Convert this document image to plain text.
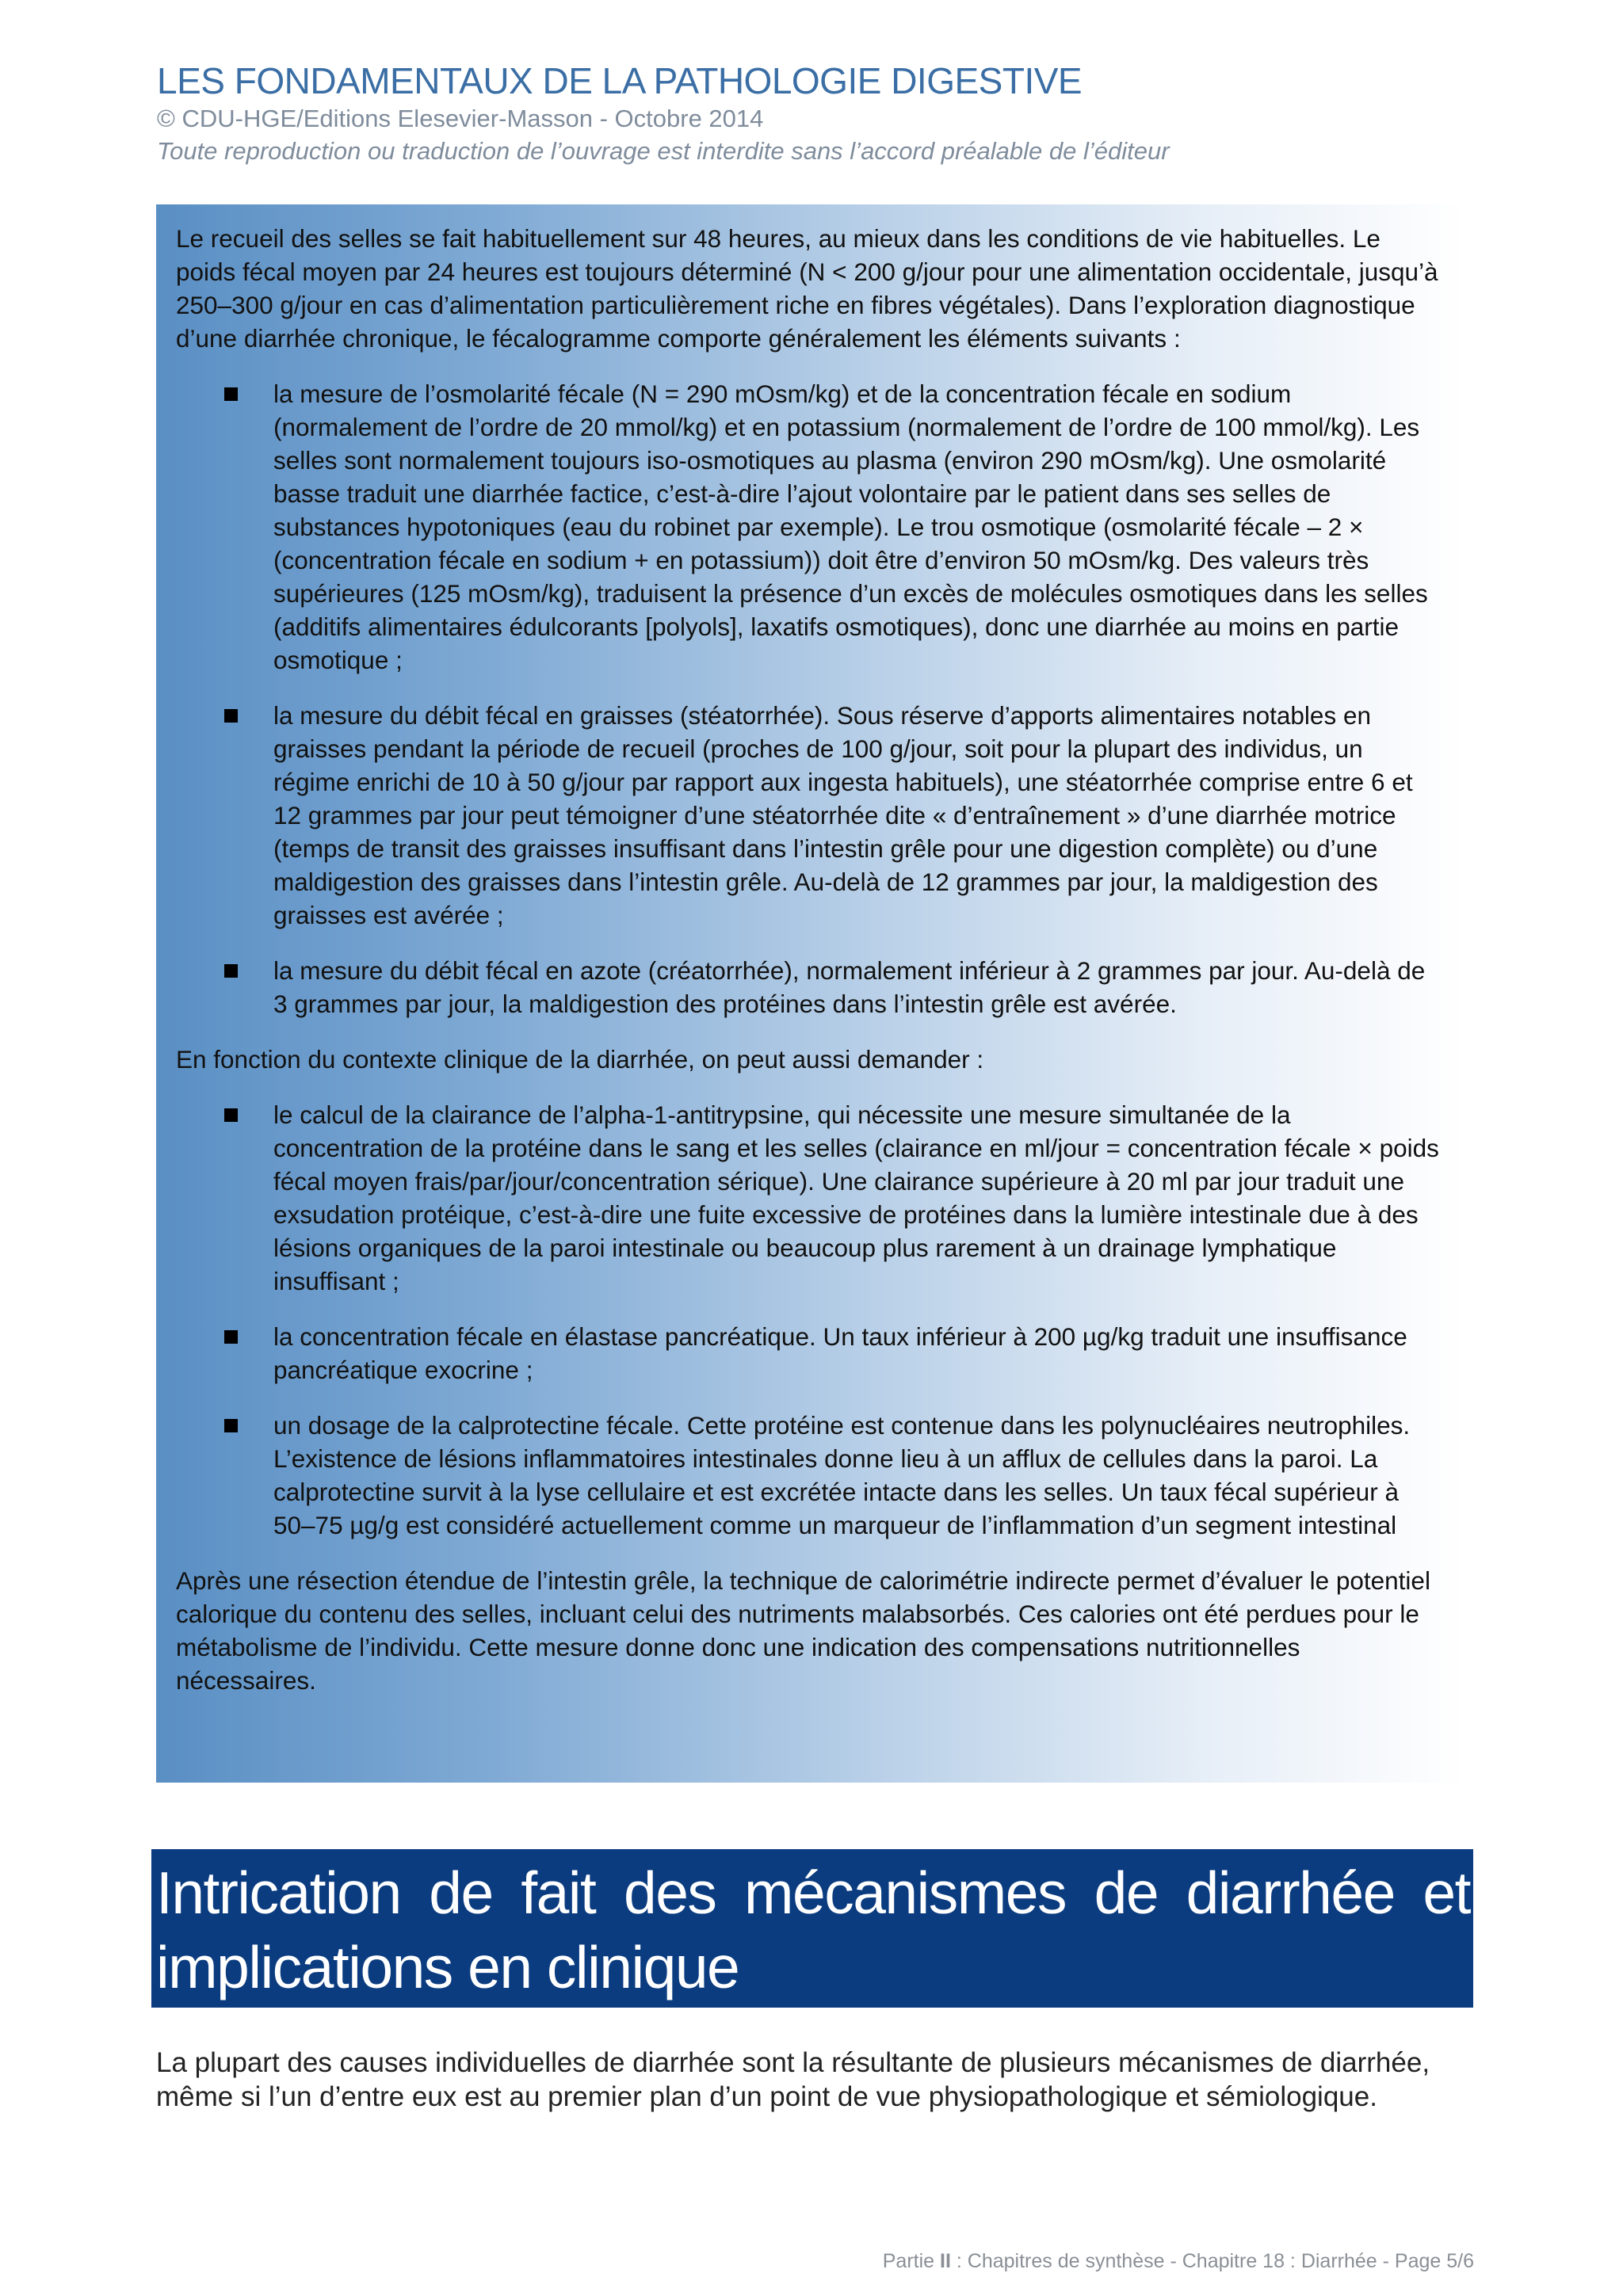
LES FONDAMENTAUX DE LA PATHOLOGIE DIGESTIVE
© CDU-HGE/Editions Elesevier-Masson - Octobre 2014
Toute reproduction ou traduction de l’ouvrage est interdite sans l’accord préalable de l’éditeur

Le recueil des selles se fait habituellement sur 48 heures, au mieux dans les conditions de vie habituelles. Le poids fécal moyen par 24 heures est toujours déterminé (N < 200 g/jour pour une alimentation occidentale, jusqu’à 250–300 g/jour en cas d’alimentation particulièrement riche en fibres végétales). Dans l’exploration diagnostique d’une diarrhée chronique, le fécalogramme comporte généralement les éléments suivants :

la mesure de l’osmolarité fécale (N = 290 mOsm/kg) et de la concentration fécale en sodium (normalement de l’ordre de 20 mmol/kg) et en potassium (normalement de l’ordre de 100 mmol/kg). Les selles sont normalement toujours iso-osmotiques au plasma (environ 290 mOsm/kg). Une osmolarité basse traduit une diarrhée factice, c’est-à-dire l’ajout volontaire par le patient dans ses selles de substances hypotoniques (eau du robinet par exemple). Le trou osmotique (osmolarité fécale – 2 × (concentration fécale en sodium + en potassium)) doit être d’environ 50 mOsm/kg. Des valeurs très supérieures (125 mOsm/kg), traduisent la présence d’un excès de molécules osmotiques dans les selles (additifs alimentaires édulcorants [polyols], laxatifs osmotiques), donc une diarrhée au moins en partie osmotique ;
la mesure du débit fécal en graisses (stéatorrhée). Sous réserve d’apports alimentaires notables en graisses pendant la période de recueil (proches de 100 g/jour, soit pour la plupart des individus, un régime enrichi de 10 à 50 g/jour par rapport aux ingesta habituels), une stéatorrhée comprise entre 6 et 12 grammes par jour peut témoigner d’une stéatorrhée dite « d’entraînement » d’une diarrhée motrice (temps de transit des graisses insuffisant dans l’intestin grêle pour une digestion complète) ou d’une maldigestion des graisses dans l’intestin grêle. Au-delà de 12 grammes par jour, la maldigestion des graisses est avérée ;
la mesure du débit fécal en azote (créatorrhée), normalement inférieur à 2 grammes par jour. Au-delà de 3 grammes par jour, la maldigestion des protéines dans l’intestin grêle est avérée.

En fonction du contexte clinique de la diarrhée, on peut aussi demander :

le calcul de la clairance de l’alpha-1-antitrypsine, qui nécessite une mesure simultanée de la concentration de la protéine dans le sang et les selles (clairance en ml/jour = concentration fécale × poids fécal moyen frais/par/jour/concentration sérique). Une clairance supérieure à 20 ml par jour traduit une exsudation protéique, c’est-à-dire une fuite excessive de protéines dans la lumière intestinale due à des lésions organiques de la paroi intestinale ou beaucoup plus rarement à un drainage lymphatique insuffisant ;
la concentration fécale en élastase pancréatique. Un taux inférieur à 200 µg/kg traduit une insuffisance pancréatique exocrine ;
un dosage de la calprotectine fécale. Cette protéine est contenue dans les polynucléaires neutrophiles. L’existence de lésions inflammatoires intestinales donne lieu à un afflux de cellules dans la paroi. La calprotectine survit à la lyse cellulaire et est excrétée intacte dans les selles. Un taux fécal supérieur à 50–75 µg/g est considéré actuellement comme un marqueur de l’inflammation d’un segment intestinal

Après une résection étendue de l’intestin grêle, la technique de calorimétrie indirecte permet d’évaluer le potentiel calorique du contenu des selles, incluant celui des nutriments malabsorbés. Ces calories ont été perdues pour le métabolisme de l’individu. Cette mesure donne donc une indication des compensations nutritionnelles nécessaires.

Intrication de fait des mécanismes de diarrhée et implications en clinique

La plupart des causes individuelles de diarrhée sont la résultante de plusieurs mécanismes de diarrhée, même si l’un d’entre eux est au premier plan d’un point de vue physiopathologique et sémiologique.

Partie II : Chapitres de synthèse - Chapitre 18 : Diarrhée - Page 5/6
